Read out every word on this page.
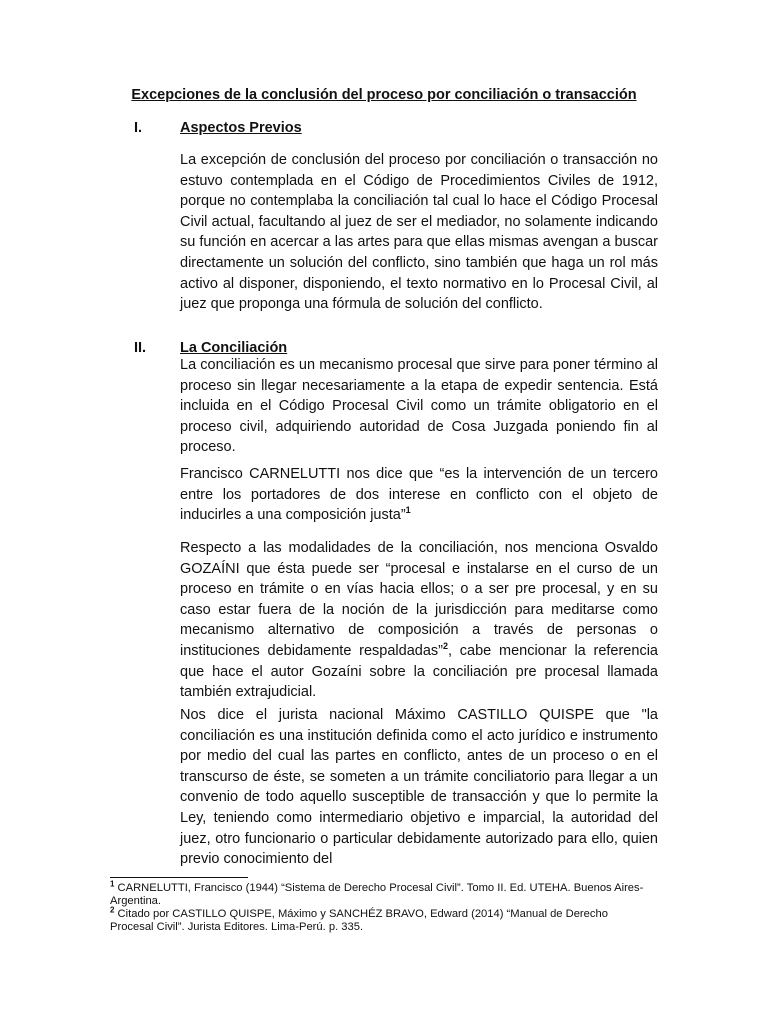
Excepciones de la conclusión del proceso por conciliación o transacción
I.	Aspectos Previos

La excepción de conclusión del proceso por conciliación o transacción no estuvo contemplada en el Código de Procedimientos Civiles de 1912, porque no contemplaba la conciliación tal cual lo hace el Código Procesal Civil actual, facultando al juez de ser el mediador, no solamente indicando su función en acercar a las artes para que ellas mismas avengan a buscar directamente un solución del conflicto, sino también que haga un rol más activo al disponer, disponiendo, el texto normativo en lo Procesal Civil, al juez que proponga una fórmula de solución del conflicto.

II. La Conciliación

La conciliación es un mecanismo procesal que sirve para poner término al proceso sin llegar necesariamente a la etapa de expedir sentencia. Está incluida en el Código Procesal Civil como un trámite obligatorio en el proceso civil, adquiriendo autoridad de Cosa Juzgada poniendo fin al proceso.

Francisco CARNELUTTI nos dice que “es la intervención de un tercero entre los portadores de dos interese en conflicto con el objeto de inducirles a una composición justa”$^1$

Respecto a las modalidades de la conciliación, nos menciona Osvaldo GOZAÍNI que ésta puede ser “procesal e instalarse en el curso de un proceso en trámite o en vías hacia ellos; o a ser pre procesal, y en su caso estar fuera de la noción de la jurisdicción para meditarse como mecanismo alternativo de composición a través de personas o instituciones debidamente respaldadas”$^2$, cabe mencionar la referencia que hace el autor Gozaíni sobre la conciliación pre procesal llamada también extrajudicial.

Nos dice el jurista nacional Máximo CASTILLO QUISPE que "la conciliación es una institución definida como el acto jurídico e instrumento por medio del cual las partes en conflicto, antes de un proceso o en el transcurso de éste, se someten a un trámite conciliatorio para llegar a un convenio de todo aquello susceptible de transacción y que lo permite la Ley, teniendo como intermediario objetivo e imparcial, la autoridad del juez, otro funcionario o particular debidamente autorizado para ello, quien previo conocimiento del

$^1$ CARNELUTTI, Francisco (1944) “Sistema de Derecho Procesal Civil”. Tomo II. Ed. UTEHA. Buenos Aires-Argentina.

$^2$ Citado por CASTILLO QUISPE, Máximo y SANCHÉZ BRAVO, Edward (2014) “Manual de Derecho Procesal Civil”. Jurista Editores. Lima-Perú. p. 335.
